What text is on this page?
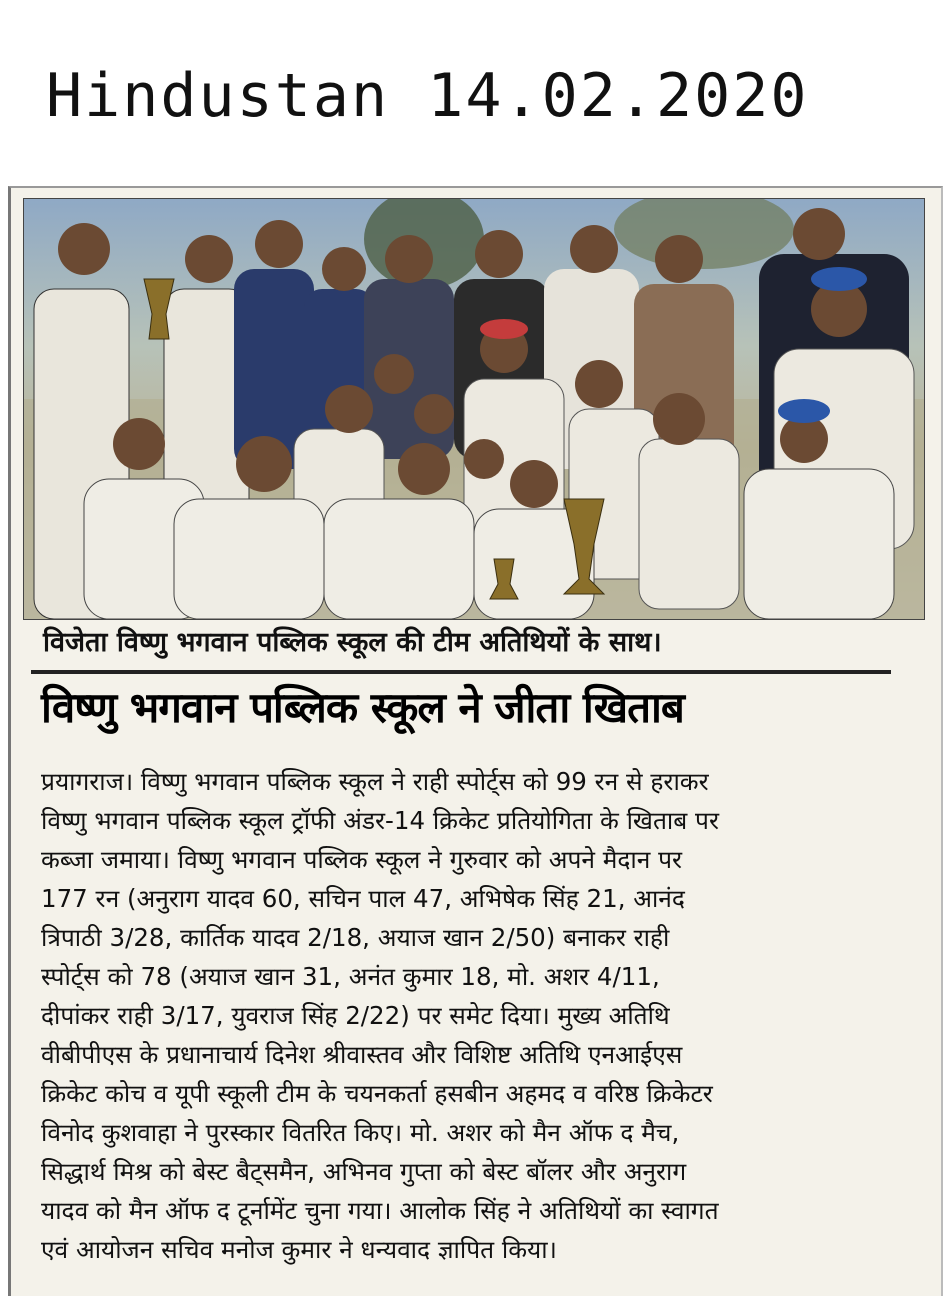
Hindustan 14.02.2020
विजेता विष्णु भगवान पब्लिक स्कूल की टीम अतिथियों के साथ।
विष्णु भगवान पब्लिक स्कूल ने जीता खिताब

प्रयागराज। विष्णु भगवान पब्लिक स्कूल ने राही स्पोर्ट्स को 99 रन से हराकर

विष्णु भगवान पब्लिक स्कूल ट्रॉफी अंडर-14 क्रिकेट प्रतियोगिता के खिताब पर

कब्जा जमाया। विष्णु भगवान पब्लिक स्कूल ने गुरुवार को अपने मैदान पर

177 रन (अनुराग यादव 60, सचिन पाल 47, अभिषेक सिंह 21, आनंद

त्रिपाठी 3/28, कार्तिक यादव 2/18, अयाज खान 2/50) बनाकर राही

स्पोर्ट्स को 78 (अयाज खान 31, अनंत कुमार 18, मो. अशर 4/11,

दीपांकर राही 3/17, युवराज सिंह 2/22) पर समेट दिया। मुख्य अतिथि

वीबीपीएस के प्रधानाचार्य दिनेश श्रीवास्तव और विशिष्ट अतिथि एनआईएस

क्रिकेट कोच व यूपी स्कूली टीम के चयनकर्ता हसबीन अहमद व वरिष्ठ क्रिकेटर

विनोद कुशवाहा ने पुरस्कार वितरित किए। मो. अशर को मैन ऑफ द मैच,

सिद्धार्थ मिश्र को बेस्ट बैट्समैन, अभिनव गुप्ता को बेस्ट बॉलर और अनुराग

यादव को मैन ऑफ द टूर्नामेंट चुना गया। आलोक सिंह ने अतिथियों का स्वागत

एवं आयोजन सचिव मनोज कुमार ने धन्यवाद ज्ञापित किया।
